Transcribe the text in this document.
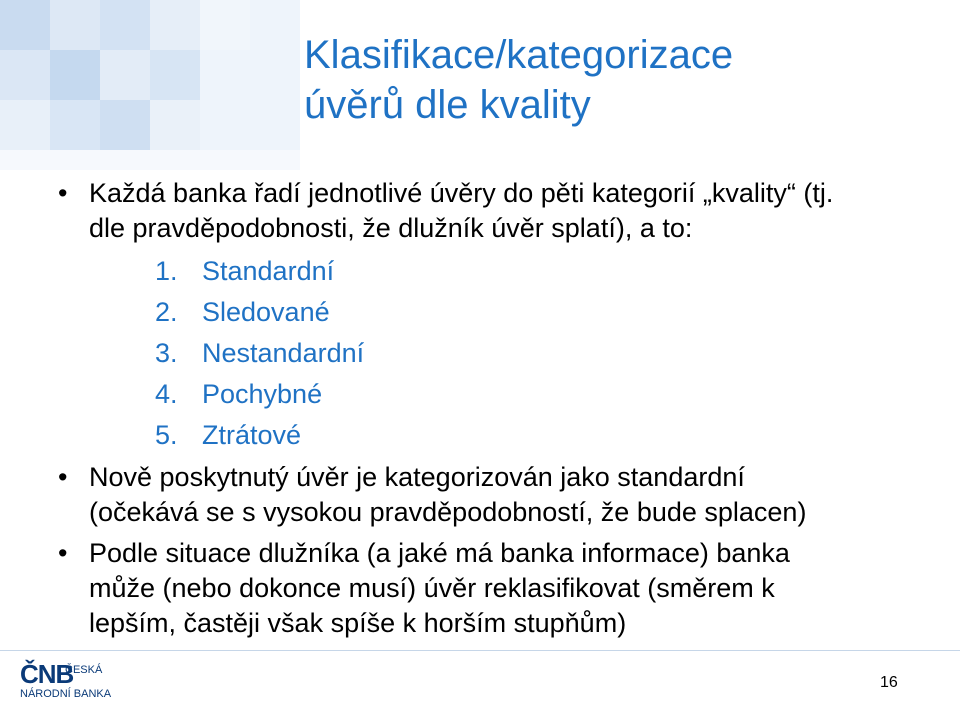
Klasifikace/kategorizace
úvěrů dle kvality
• Každá banka řadí jednotlivé úvěry do pěti kategorií „kvality“ (tj.
dle pravděpodobnosti, že dlužník úvěr splatí), a to:
1. Standardní
2. Sledované
3. Nestandardní
4. Pochybné
5. Ztrátové
• Nově poskytnutý úvěr je kategorizován jako standardní
(očekává se s vysokou pravděpodobností, že bude splacen)
• Podle situace dlužníka (a jaké má banka informace) banka
může (nebo dokonce musí) úvěr reklasifikovat (směrem k
lepším, častěji však spíše k horším stupňům)
ČNB
ČESKÁ
NÁRODNÍ BANKA
16
